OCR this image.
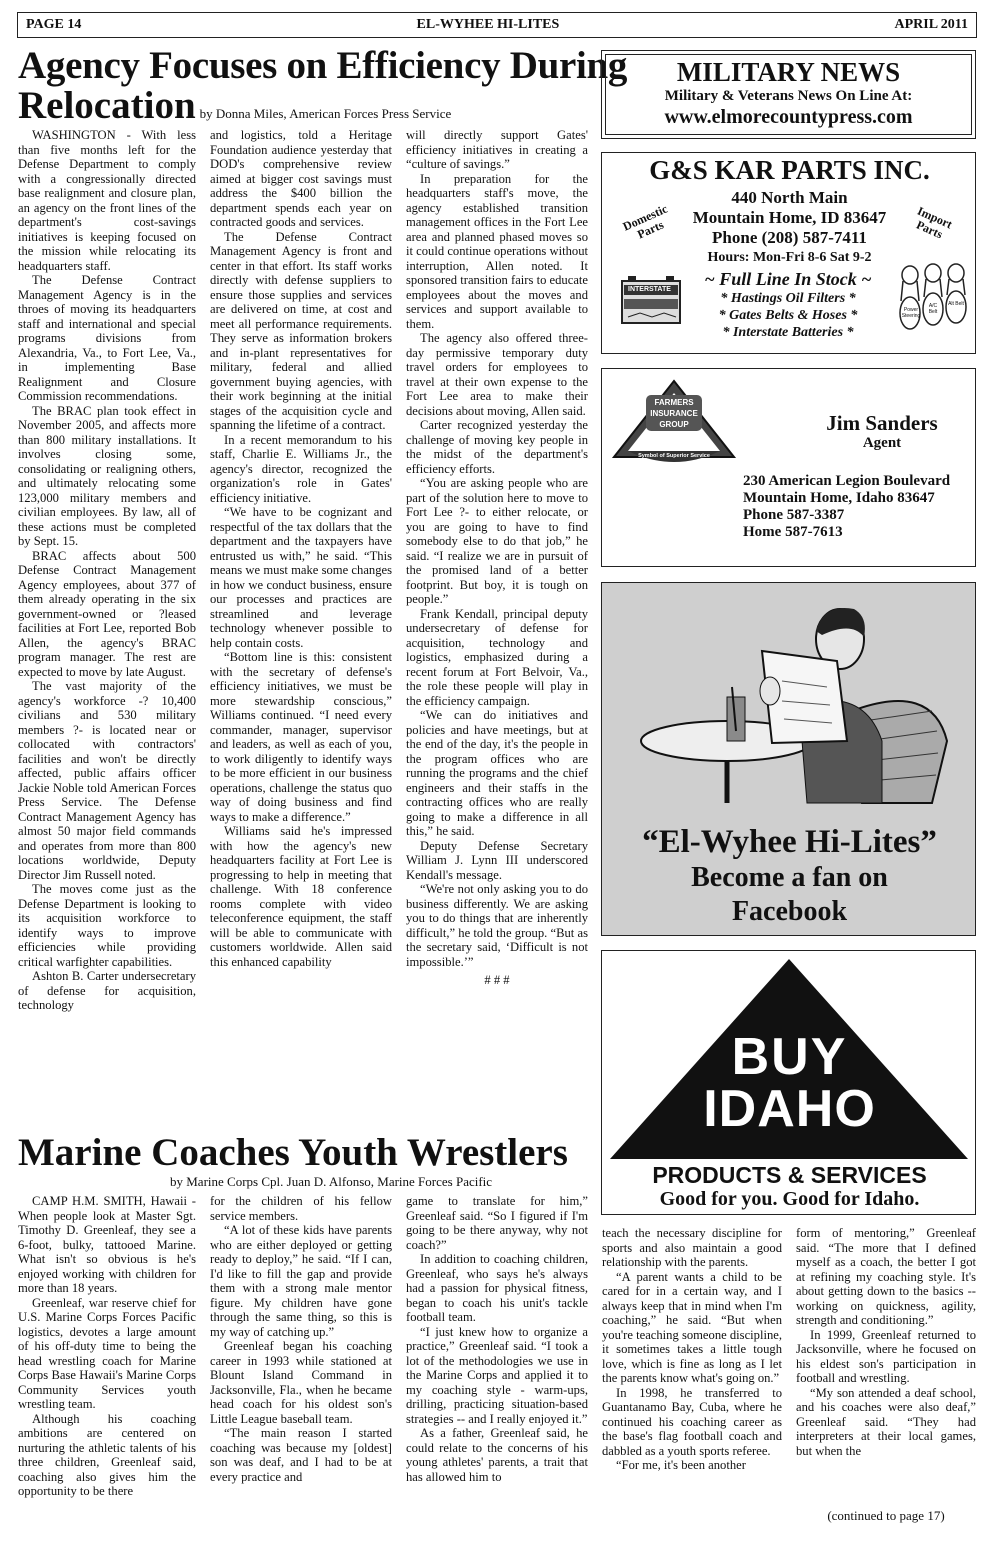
PAGE 14	EL-WYHEE HI-LITES	APRIL 2011
Agency Focuses on Efficiency During
Relocation by Donna Miles, American Forces Press Service

WASHINGTON - With less than five months left for the Defense Department to comply with a congressionally directed base realignment and closure plan, an agency on the front lines of the department's cost-savings initiatives is keeping focused on the mission while relocating its headquarters staff.

The Defense Contract Management Agency is in the throes of moving its headquarters staff and international and special programs divisions from Alexandria, Va., to Fort Lee, Va., in implementing Base Realignment and Closure Commission recommendations.

The BRAC plan took effect in November 2005, and affects more than 800 military installations. It involves closing some, consolidating or realigning others, and ultimately relocating some 123,000 military members and civilian employees. By law, all of these actions must be completed by Sept. 15.

BRAC affects about 500 Defense Contract Management Agency employees, about 377 of them already operating in the six government-owned or ?leased facilities at Fort Lee, reported Bob Allen, the agency's BRAC program manager. The rest are expected to move by late August.

The vast majority of the agency's workforce -? 10,400 civilians and 530 military members ?- is located near or collocated with contractors' facilities and won't be directly affected, public affairs officer Jackie Noble told American Forces Press Service. The Defense Contract Management Agency has almost 50 major field commands and operates from more than 800 locations worldwide, Deputy Director Jim Russell noted.

The moves come just as the Defense Department is looking to its acquisition workforce to identify ways to improve efficiencies while providing critical warfighter capabilities.

Ashton B. Carter undersecretary of defense for acquisition, technology

and logistics, told a Heritage Foundation audience yesterday that DOD's comprehensive review aimed at bigger cost savings must address the $400 billion the department spends each year on contracted goods and services.

The Defense Contract Management Agency is front and center in that effort. Its staff works directly with defense suppliers to ensure those supplies and services are delivered on time, at cost and meet all performance requirements. They serve as information brokers and in-plant representatives for military, federal and allied government buying agencies, with their work beginning at the initial stages of the acquisition cycle and spanning the lifetime of a contract.

In a recent memorandum to his staff, Charlie E. Williams Jr., the agency's director, recognized the organization's role in Gates' efficiency initiative.

“We have to be cognizant and respectful of the tax dollars that the department and the taxpayers have entrusted us with,” he said. “This means we must make some changes in how we conduct business, ensure our processes and practices are streamlined and leverage technology whenever possible to help contain costs.

“Bottom line is this: consistent with the secretary of defense's efficiency initiatives, we must be more stewardship conscious,” Williams continued. “I need every commander, manager, supervisor and leaders, as well as each of you, to work diligently to identify ways to be more efficient in our business operations, challenge the status quo way of doing business and find ways to make a difference.”

Williams said he's impressed with how the agency's new headquarters facility at Fort Lee is progressing to help in meeting that challenge. With 18 conference rooms complete with video teleconference equipment, the staff will be able to communicate with customers worldwide. Allen said this enhanced capability

will directly support Gates' efficiency initiatives in creating a “culture of savings.”

In preparation for the headquarters staff's move, the agency established transition management offices in the Fort Lee area and planned phased moves so it could continue operations without interruption, Allen noted. It sponsored transition fairs to educate employees about the moves and services and support available to them.

The agency also offered three-day permissive temporary duty travel orders for employees to travel at their own expense to the Fort Lee area to make their decisions about moving, Allen said.

Carter recognized yesterday the challenge of moving key people in the midst of the department's efficiency efforts.

“You are asking people who are part of the solution here to move to Fort Lee ?- to either relocate, or you are going to have to find somebody else to do that job,” he said. “I realize we are in pursuit of the promised land of a better footprint. But boy, it is tough on people.”

Frank Kendall, principal deputy undersecretary of defense for acquisition, technology and logistics, emphasized during a recent forum at Fort Belvoir, Va., the role these people will play in the efficiency campaign.

“We can do initiatives and policies and have meetings, but at the end of the day, it's the people in the program offices who are running the programs and the chief engineers and their staffs in the contracting offices who are really going to make a difference in all this,” he said.

Deputy Defense Secretary William J. Lynn III underscored Kendall's message.

“We're not only asking you to do business differently. We are asking you to do things that are inherently difficult,” he told the group. “But as the secretary said, ‘Difficult is not impossible.’”

# # #
Marine Coaches Youth Wrestlers
by Marine Corps Cpl. Juan D. Alfonso, Marine Forces Pacific

CAMP H.M. SMITH, Hawaii - When people look at Master Sgt. Timothy D. Greenleaf, they see a 6-foot, bulky, tattooed Marine. What isn't so obvious is he's enjoyed working with children for more than 18 years.

Greenleaf, war reserve chief for U.S. Marine Corps Forces Pacific logistics, devotes a large amount of his off-duty time to being the head wrestling coach for Marine Corps Base Hawaii's Marine Corps Community Services youth wrestling team.

Although his coaching ambitions are centered on nurturing the athletic talents of his three children, Greenleaf said, coaching also gives him the opportunity to be there

for the children of his fellow service members.

“A lot of these kids have parents who are either deployed or getting ready to deploy,” he said. “If I can, I'd like to fill the gap and provide them with a strong male mentor figure. My children have gone through the same thing, so this is my way of catching up.”

Greenleaf began his coaching career in 1993 while stationed at Blount Island Command in Jacksonville, Fla., when he became head coach for his oldest son's Little League baseball team.

“The main reason I started coaching was because my [oldest] son was deaf, and I had to be at every practice and

game to translate for him,” Greenleaf said. “So I figured if I'm going to be there anyway, why not coach?”

In addition to coaching children, Greenleaf, who says he's always had a passion for physical fitness, began to coach his unit's tackle football team.

“I just knew how to organize a practice,” Greenleaf said. “I took a lot of the methodologies we use in the Marine Corps and applied it to my coaching style - warm-ups, drilling, practicing situation-based strategies -- and I really enjoyed it.”

As a father, Greenleaf said, he could relate to the concerns of his young athletes' parents, a trait that has allowed him to

teach the necessary discipline for sports and also maintain a good relationship with the parents.

“A parent wants a child to be cared for in a certain way, and I always keep that in mind when I'm coaching,” he said. “But when you're teaching someone discipline, it sometimes takes a little tough love, which is fine as long as I let the parents know what's going on.”

In 1998, he transferred to Guantanamo Bay, Cuba, where he continued his coaching career as the base's flag football coach and dabbled as a youth sports referee.

“For me, it's been another

form of mentoring,” Greenleaf said. “The more that I defined myself as a coach, the better I got at refining my coaching style. It's about getting down to the basics -- working on quickness, agility, strength and conditioning.”

In 1999, Greenleaf returned to Jacksonville, where he focused on his eldest son's participation in football and wrestling.

“My son attended a deaf school, and his coaches were also deaf,” Greenleaf said. “They had interpreters at their local games, but when the

(continued to page 17)
MILITARY NEWS
Military & Veterans News On Line At:
www.elmorecountypress.com
G&S KAR PARTS INC.
440 North Main
Mountain Home, ID 83647
Phone (208) 587-7411
Hours: Mon-Fri 8-6 Sat 9-2
Domestic Parts	Import Parts
INTERSTATE
~ Full Line In Stock ~
* Hastings Oil Filters *
* Gates Belts & Hoses *
* Interstate Batteries *
Power Steering
A/C Belt
Alt Belt
FARMERS
INSURANCE
GROUP
Symbol of Superior Service
Jim Sanders
Agent
230 American Legion Boulevard
Mountain Home, Idaho 83647
Phone 587-3387
Home 587-7613
“El-Wyhee Hi-Lites”
Become a fan on
Facebook
BUY
IDAHO
PRODUCTS & SERVICES
Good for you. Good for Idaho.
